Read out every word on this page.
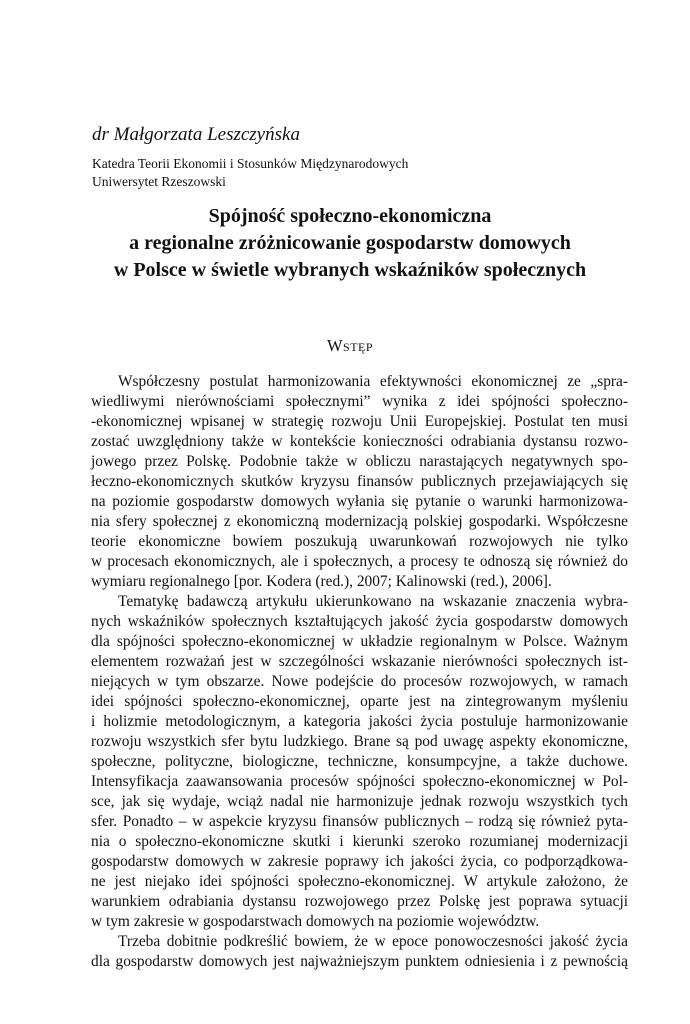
dr Małgorzata Leszczyńska
Katedra Teorii Ekonomii i Stosunków Międzynarodowych
Uniwersytet Rzeszowski
Spójność społeczno-ekonomiczna
a regionalne zróżnicowanie gospodarstw domowych
w Polsce w świetle wybranych wskaźników społecznych
Wstęp
Współczesny postulat harmonizowania efektywności ekonomicznej ze „spra-
wiedliwymi nierównościami społecznymi” wynika z idei spójności społeczno-
-ekonomicznej wpisanej w strategię rozwoju Unii Europejskiej. Postulat ten musi
zostać uwzględniony także w kontekście konieczności odrabiania dystansu rozwo-
jowego przez Polskę. Podobnie także w obliczu narastających negatywnych spo-
łeczno-ekonomicznych skutków kryzysu finansów publicznych przejawiających się
na poziomie gospodarstw domowych wyłania się pytanie o warunki harmonizowa-
nia sfery społecznej z ekonomiczną modernizacją polskiej gospodarki. Współczesne
teorie ekonomiczne bowiem poszukują uwarunkowań rozwojowych nie tylko
w procesach ekonomicznych, ale i społecznych, a procesy te odnoszą się również do
wymiaru regionalnego [por. Kodera (red.), 2007; Kalinowski (red.), 2006].
Tematykę badawczą artykułu ukierunkowano na wskazanie znaczenia wybra-
nych wskaźników społecznych kształtujących jakość życia gospodarstw domowych
dla spójności społeczno-ekonomicznej w układzie regionalnym w Polsce. Ważnym
elementem rozważań jest w szczególności wskazanie nierówności społecznych ist-
niejących w tym obszarze. Nowe podejście do procesów rozwojowych, w ramach
idei spójności społeczno-ekonomicznej, oparte jest na zintegrowanym myśleniu
i holizmie metodologicznym, a kategoria jakości życia postuluje harmonizowanie
rozwoju wszystkich sfer bytu ludzkiego. Brane są pod uwagę aspekty ekonomiczne,
społeczne, polityczne, biologiczne, techniczne, konsumpcyjne, a także duchowe.
Intensyfikacja zaawansowania procesów spójności społeczno-ekonomicznej w Pol-
sce, jak się wydaje, wciąż nadal nie harmonizuje jednak rozwoju wszystkich tych
sfer. Ponadto – w aspekcie kryzysu finansów publicznych – rodzą się również pyta-
nia o społeczno-ekonomiczne skutki i kierunki szeroko rozumianej modernizacji
gospodarstw domowych w zakresie poprawy ich jakości życia, co podporządkowa-
ne jest niejako idei spójności społeczno-ekonomicznej. W artykule założono, że
warunkiem odrabiania dystansu rozwojowego przez Polskę jest poprawa sytuacji
w tym zakresie w gospodarstwach domowych na poziomie województw.
Trzeba dobitnie podkreślić bowiem, że w epoce ponowoczesności jakość życia
dla gospodarstw domowych jest najważniejszym punktem odniesienia i z pewnością
